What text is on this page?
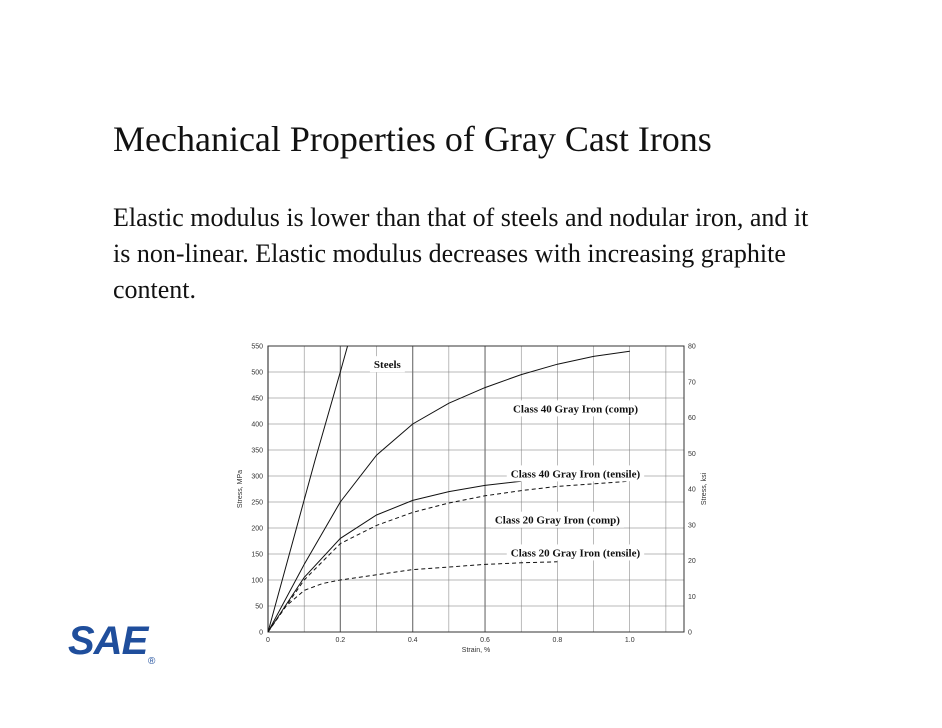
Mechanical Properties of Gray Cast Irons

Elastic modulus is lower than that of steels and nodular iron, and it is non-linear. Elastic modulus decreases with increasing graphite content.

0
50
100
150
200
250
300
350
400
450
500
550
0
10
20
30
40
50
60
70
80
0	0.2	0.4	0.6	0.8	1.0
Strain, %
Stress, MPa	Stress, ksi
Steels
Class 40 Gray Iron (comp)
Class 40 Gray Iron (tensile)
Class 20 Gray Iron (comp)
Class 20 Gray Iron (tensile)
SAE ®
